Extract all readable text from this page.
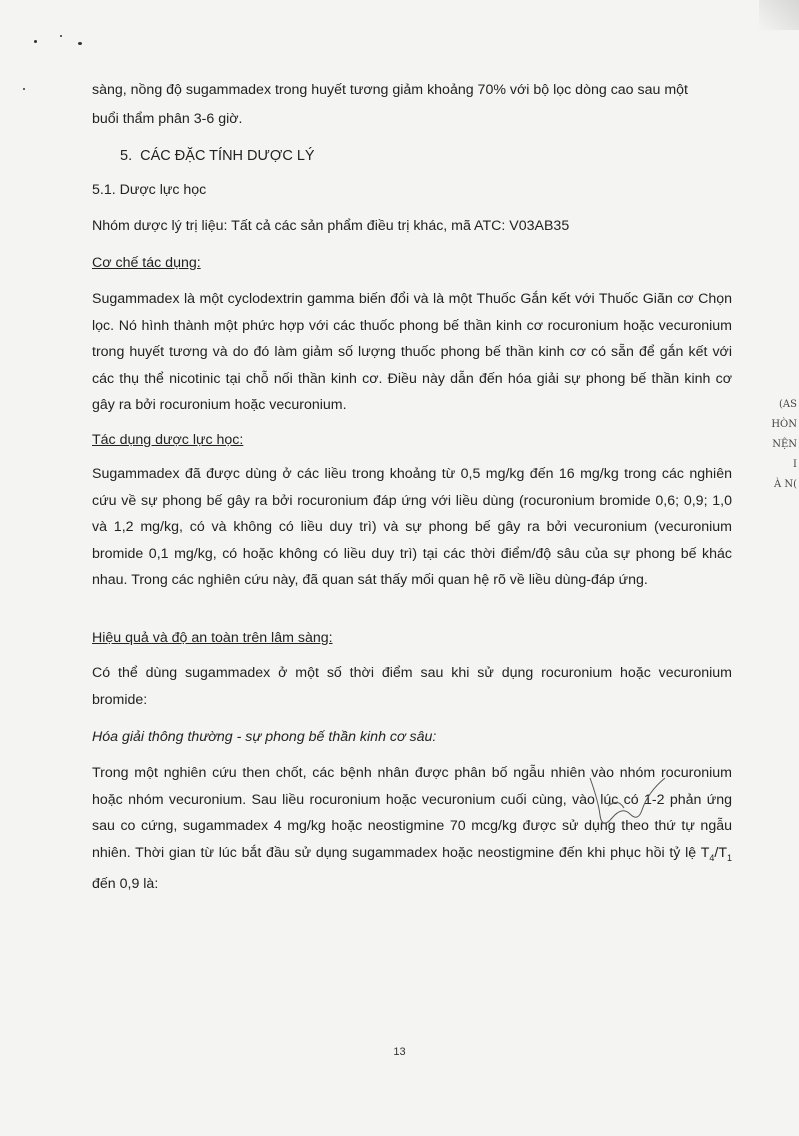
sàng, nồng độ sugammadex trong huyết tương giảm khoảng 70% với bộ lọc dòng cao sau một

buổi thẩm phân 3-6 giờ.

5. CÁC ĐẶC TÍNH DƯỢC LÝ

5.1. Dược lực học

Nhóm dược lý trị liệu: Tất cả các sản phẩm điều trị khác, mã ATC: V03AB35

Cơ chế tác dụng:

Sugammadex là một cyclodextrin gamma biến đổi và là một Thuốc Gắn kết với Thuốc Giãn cơ Chọn lọc. Nó hình thành một phức hợp với các thuốc phong bế thần kinh cơ rocuronium hoặc vecuronium trong huyết tương và do đó làm giảm số lượng thuốc phong bế thần kinh cơ có sẵn để gắn kết với các thụ thể nicotinic tại chỗ nối thần kinh cơ. Điều này dẫn đến hóa giải sự phong bế thần kinh cơ gây ra bởi rocuronium hoặc vecuronium.

Tác dụng dược lực học:

Sugammadex đã được dùng ở các liều trong khoảng từ 0,5 mg/kg đến 16 mg/kg trong các nghiên cứu về sự phong bế gây ra bởi rocuronium đáp ứng với liều dùng (rocuronium bromide 0,6; 0,9; 1,0 và 1,2 mg/kg, có và không có liều duy trì) và sự phong bế gây ra bởi vecuronium (vecuronium bromide 0,1 mg/kg, có hoặc không có liều duy trì) tại các thời điểm/độ sâu của sự phong bế khác nhau. Trong các nghiên cứu này, đã quan sát thấy mối quan hệ rõ về liều dùng-đáp ứng.

Hiệu quả và độ an toàn trên lâm sàng:

Có thể dùng sugammadex ở một số thời điểm sau khi sử dụng rocuronium hoặc vecuronium bromide:

Hóa giải thông thường - sự phong bế thần kinh cơ sâu:

Trong một nghiên cứu then chốt, các bệnh nhân được phân bố ngẫu nhiên vào nhóm rocuronium hoặc nhóm vecuronium. Sau liều rocuronium hoặc vecuronium cuối cùng, vào lúc có 1-2 phản ứng sau co cứng, sugammadex 4 mg/kg hoặc neostigmine 70 mcg/kg được sử dụng theo thứ tự ngẫu nhiên. Thời gian từ lúc bắt đầu sử dụng sugammadex hoặc neostigmine đến khi phục hồi tỷ lệ $T_4/T_1$ đến 0,9 là:

(AS
HÒN
NỆN
I
À N(
13
